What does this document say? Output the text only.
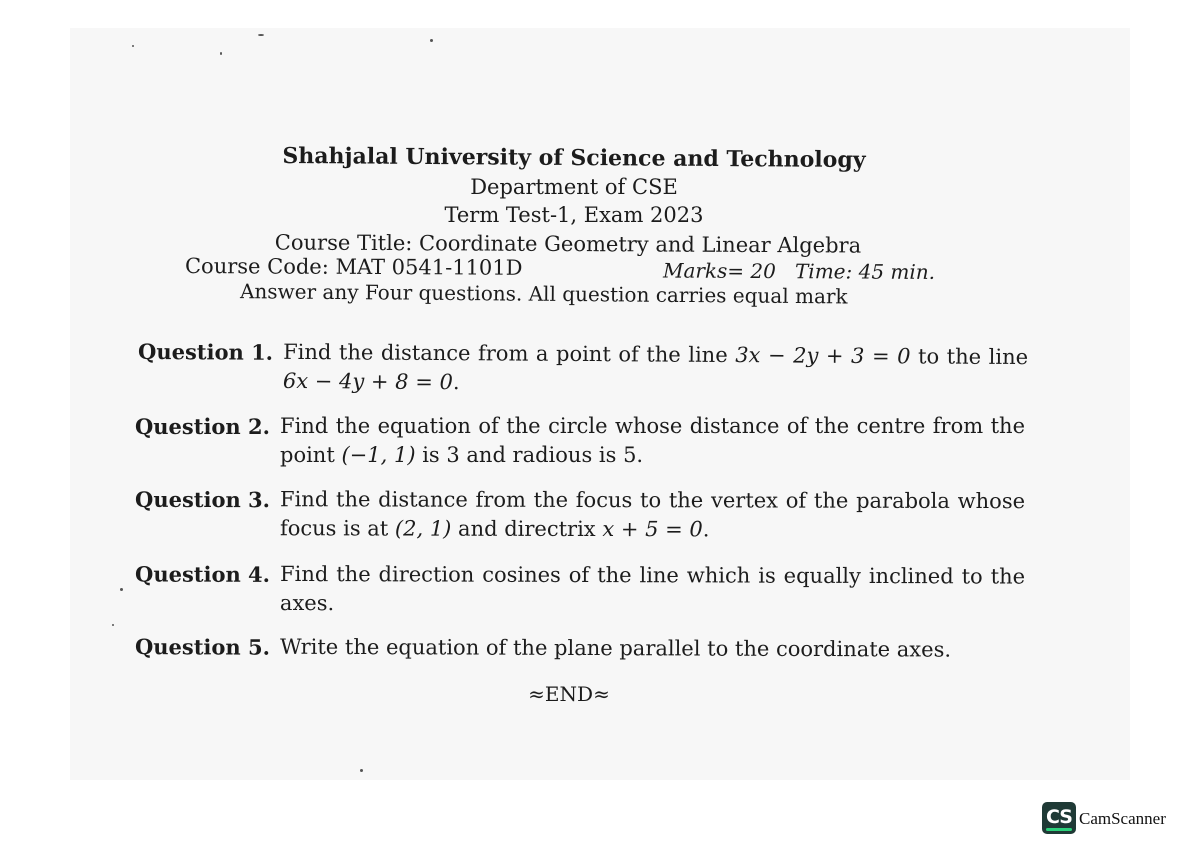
Shahjalal University of Science and Technology
Department of CSE
Term Test-1, Exam 2023
Course Title: Coordinate Geometry and Linear Algebra
Course Code: MAT 0541-1101D	Marks= 20 Time: 45 min.
Answer any Four questions. All question carries equal mark
Question 1. Find the distance from a point of the line 3x − 2y + 3 = 0 to the line 6x − 4y + 8 = 0.
Question 2. Find the equation of the circle whose distance of the centre from the point (−1, 1) is 3 and radious is 5.
Question 3. Find the distance from the focus to the vertex of the parabola whose focus is at (2, 1) and directrix x + 5 = 0.
Question 4. Find the direction cosines of the line which is equally inclined to the axes.
Question 5. Write the equation of the plane parallel to the coordinate axes.
≈END≈
CS CamScanner
